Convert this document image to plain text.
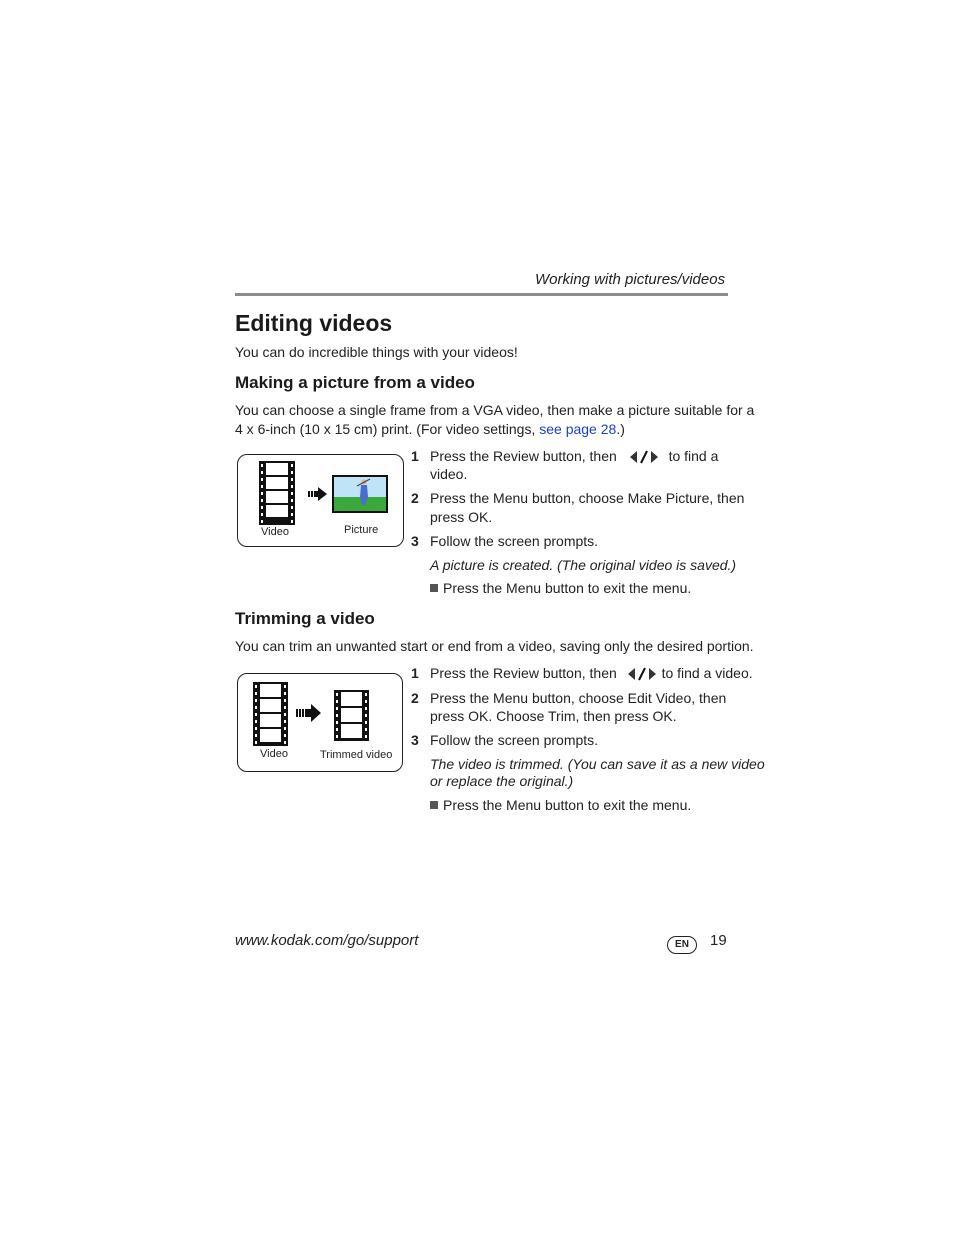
Working with pictures/videos
Editing videos
You can do incredible things with your videos!
Making a picture from a video
You can choose a single frame from a VGA video, then make a picture suitable for a
4 x 6-inch (10 x 15 cm) print. (For video settings, see page 28.)
Video	Picture
1 Press the Review button, then	to find a
video.
2 Press the Menu button, choose Make Picture, then
press OK.
3 Follow the screen prompts.
A picture is created. (The original video is saved.)
Press the Menu button to exit the menu.
Trimming a video
You can trim an unwanted start or end from a video, saving only the desired portion.
Video	Trimmed video
1 Press the Review button, then	to find a video.
2 Press the Menu button, choose Edit Video, then
press OK. Choose Trim, then press OK.
3 Follow the screen prompts.
The video is trimmed. (You can save it as a new video
or replace the original.)
Press the Menu button to exit the menu.
www.kodak.com/go/support	EN	19
